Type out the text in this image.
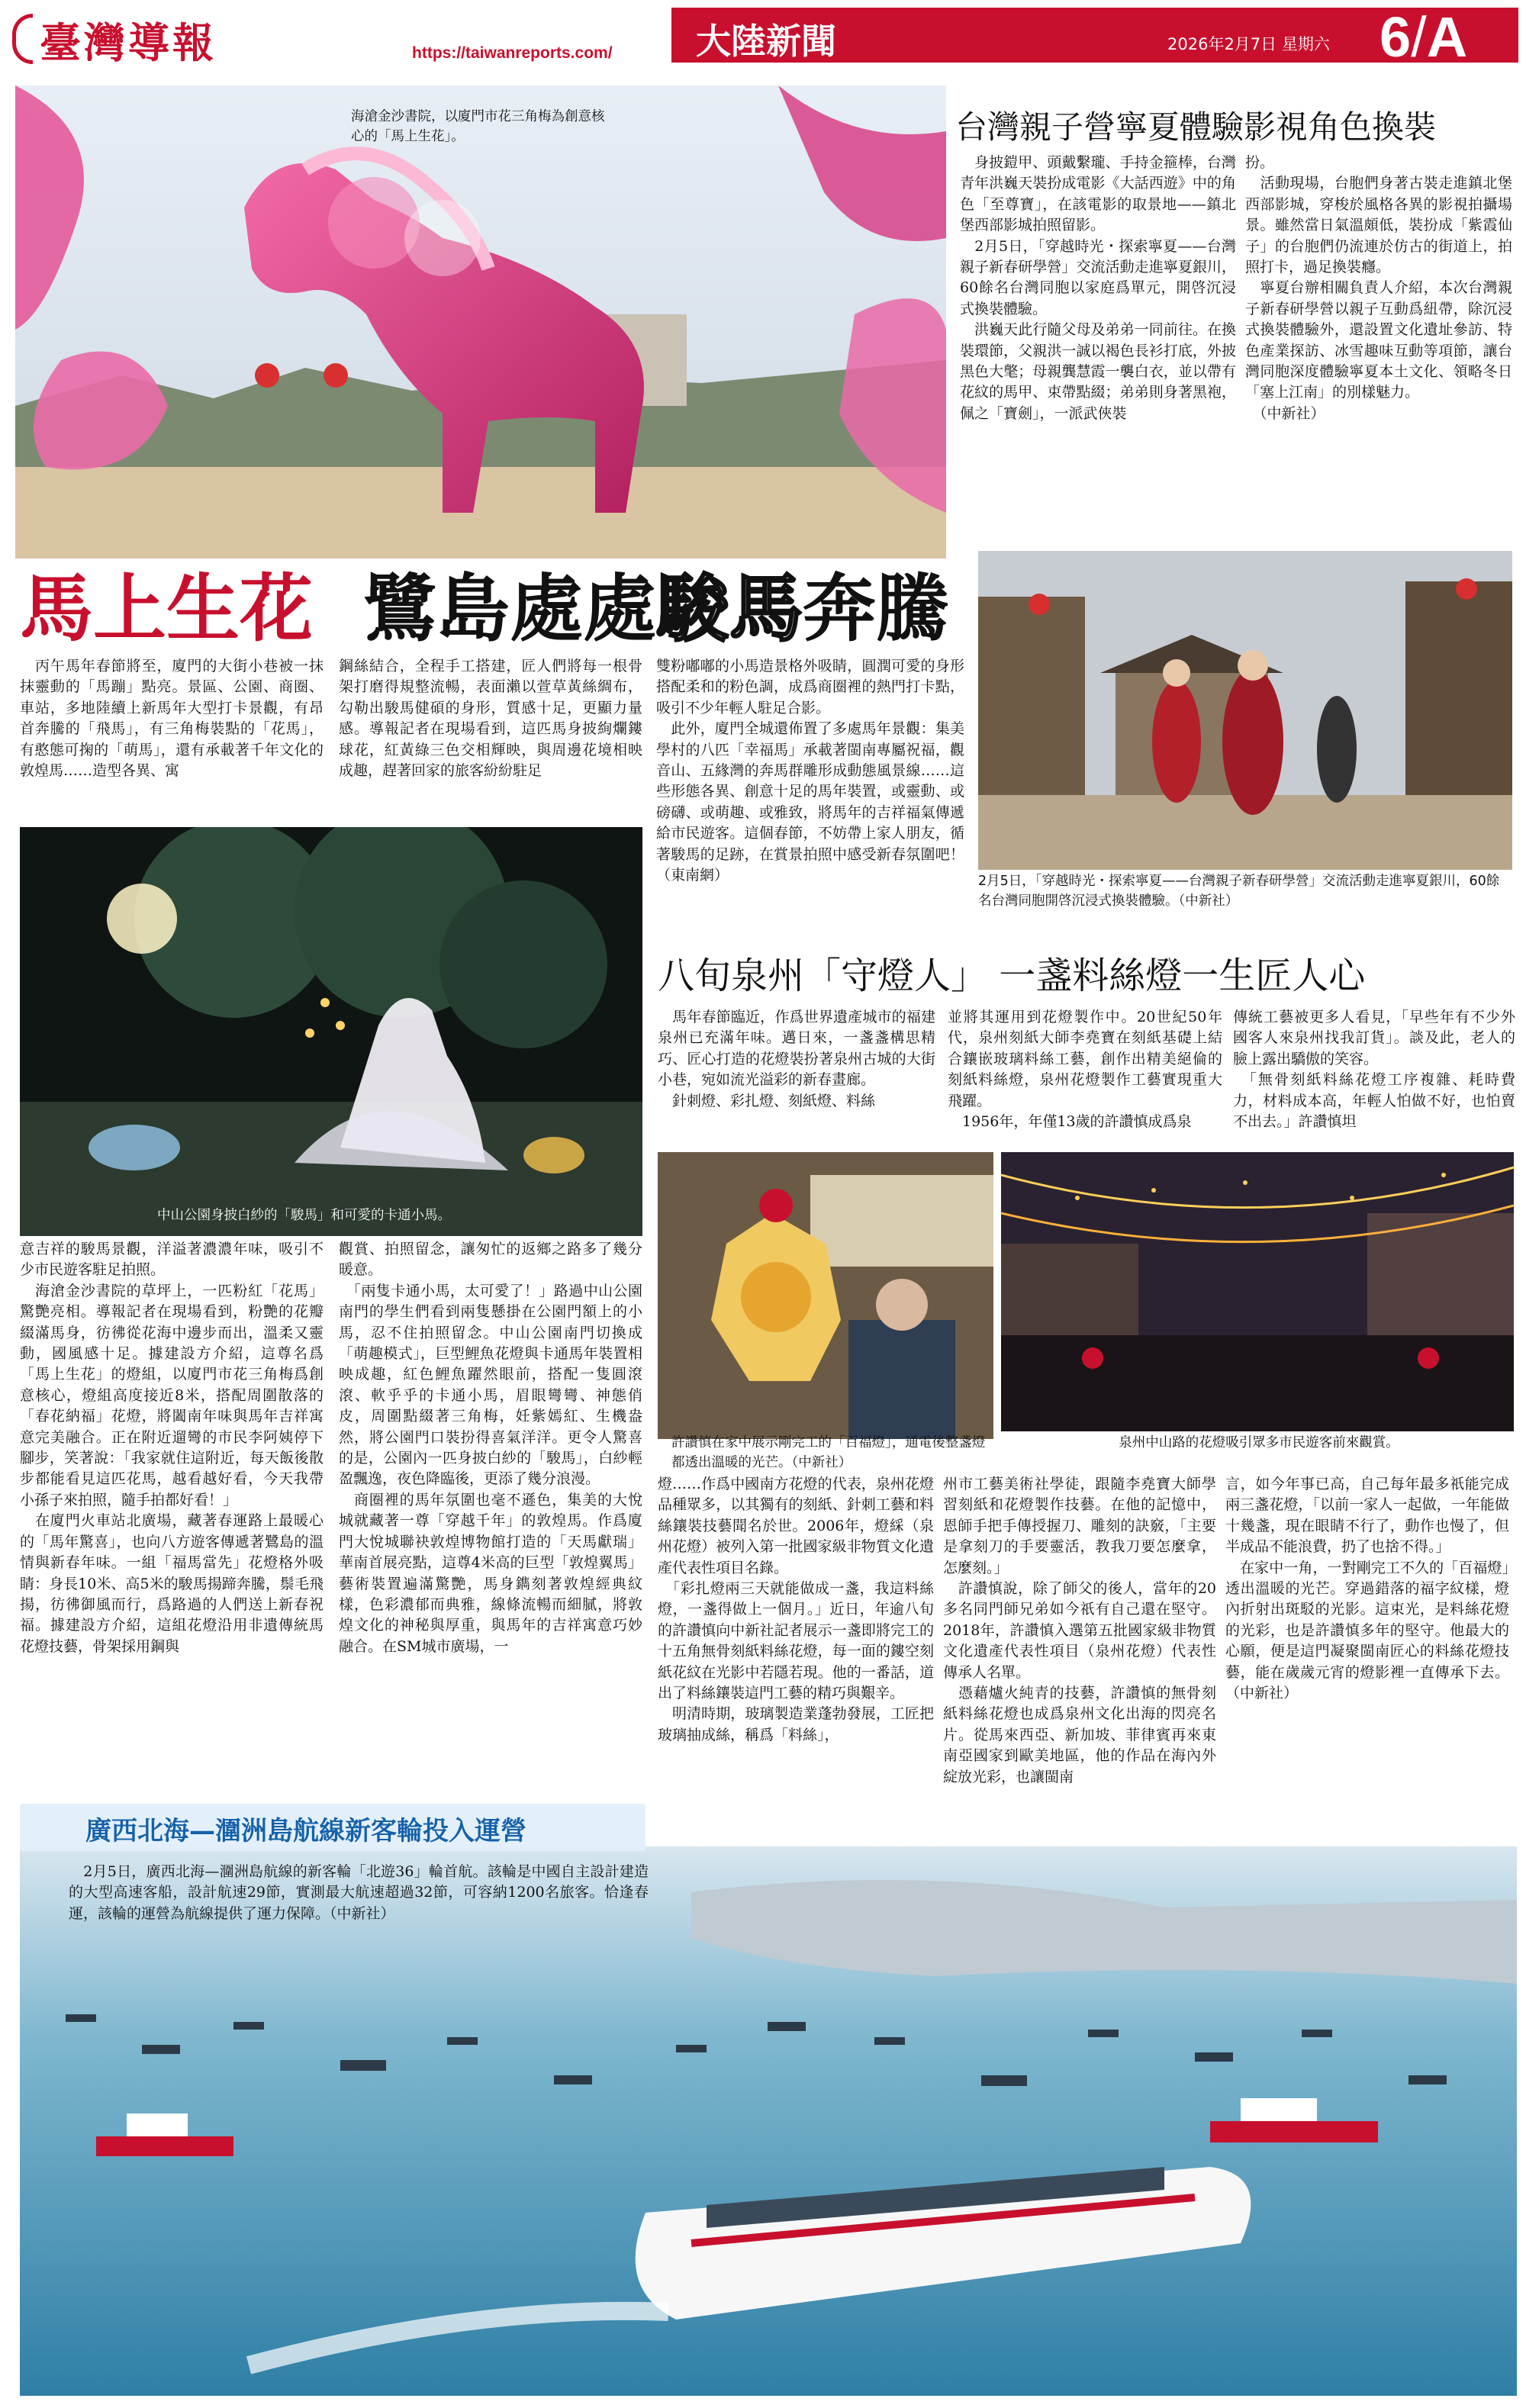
臺灣導報	https://taiwanreports.com/ 大陸新聞	2026年2月7日 星期六 6/A
海滄金沙書院，以廈門市花三角梅為創意核心的「馬上生花」。	台灣親子營寧夏體驗影視角色換裝
　身披鎧甲、頭戴繫瓏、手持金箍棒，台灣青年洪巍天裝扮成電影《大話西遊》中的角色「至尊寶」，在該電影的取景地——鎮北堡西部影城拍照留影。
　2月5日，「穿越時光・探索寧夏——台灣親子新春研學營」交流活動走進寧夏銀川，60餘名台灣同胞以家庭爲單元，開啓沉浸式換裝體驗。
　洪巍天此行隨父母及弟弟一同前往。在換裝環節，父親洪一誠以褐色長衫打底，外披黑色大氅；母親龔慧霞一襲白衣，並以帶有花紋的馬甲、束帶點綴；弟弟則身著黑袍，佩之「寶劍」，一派武俠裝
扮。
　活動現場，台胞們身著古裝走進鎮北堡西部影城，穿梭於風格各異的影視拍攝場景。雖然當日氣溫頗低，裝扮成「紫霞仙子」的台胞們仍流連於仿古的街道上，拍照打卡，過足換裝癮。
　寧夏台辦相關負責人介紹，本次台灣親子新春研學營以親子互動爲紐帶，除沉浸式換裝體驗外，還設置文化遺址參訪、特色產業探訪、冰雪趣味互動等項節，讓台灣同胞深度體驗寧夏本土文化、領略冬日「塞上江南」的別樣魅力。
　（中新社）
馬上生花 鷺島處處駿馬奔騰
　丙午馬年春節將至，廈門的大街小巷被一抹抹靈動的「馬蹦」點亮。景區、公園、商圈、車站，多地陸續上新馬年大型打卡景觀，有昂首奔騰的「飛馬」，有三角梅裝點的「花馬」，有憨態可掬的「萌馬」，還有承載著千年文化的敦煌馬……造型各異、寓
鋼絲結合，全程手工搭建，匠人們將每一根骨架打磨得規整流暢，表面瀨以萱草黃絲綢布，勾勒出駿馬健碩的身形，質感十足，更顯力量感。導報記者在現場看到，這匹馬身披絢爛鏤球花，紅黃綠三色交相輝映，與周邊花境相映成趣，趕著回家的旅客紛紛駐足
雙粉嘟嘟的小馬造景格外吸睛，圓潤可愛的身形搭配柔和的粉色調，成爲商圈裡的熱門打卡點，吸引不少年輕人駐足合影。
　此外，廈門全城還佈置了多處馬年景觀：集美學村的八匹「幸福馬」承載著閩南專屬祝福，觀音山、五緣灣的奔馬群雕形成動態風景線……這些形態各異、創意十足的馬年裝置，或靈動、或磅礴、或萌趣、或雅致，將馬年的吉祥福氣傳遞給市民遊客。這個春節，不妨帶上家人朋友，循著駿馬的足跡，在賞景拍照中感受新春氛圍吧！（東南網）	2月5日，「穿越時光・探索寧夏——台灣親子新春研學營」交流活動走進寧夏銀川，60餘名台灣同胞開啓沉浸式換裝體驗。（中新社）
中山公園身披白紗的「駿馬」和可愛的卡通小馬。
八旬泉州「守燈人」 一盞料絲燈一生匠人心
　馬年春節臨近，作爲世界遺產城市的福建泉州已充滿年味。邁日來，一盞盞構思精巧、匠心打造的花燈裝扮著泉州古城的大街小巷，宛如流光溢彩的新春畫廊。
　針刺燈、彩扎燈、刻紙燈、料絲
並將其運用到花燈製作中。20世紀50年代，泉州刻紙大師李堯寶在刻紙基礎上結合鑲嵌玻璃料絲工藝，創作出精美絕倫的刻紙料絲燈，泉州花燈製作工藝實現重大飛躍。
　1956年，年僅13歲的許讚慎成爲泉
傳統工藝被更多人看見，「早些年有不少外國客人來泉州找我訂貨」。談及此，老人的臉上露出驕傲的笑容。
　「無骨刻紙料絲花燈工序複雜、耗時費力，材料成本高，年輕人怕做不好，也怕賣不出去。」許讚慎坦
許讚慎在家中展示剛完工的「百福燈」，通電後整盞燈都透出溫暖的光芒。（中新社）
泉州中山路的花燈吸引眾多市民遊客前來觀賞。
意吉祥的駿馬景觀，洋溢著濃濃年味，吸引不少市民遊客駐足拍照。
　海滄金沙書院的草坪上，一匹粉紅「花馬」驚艷亮相。導報記者在現場看到，粉艷的花瓣綴滿馬身，彷彿從花海中邊步而出，溫柔又靈動，國風感十足。據建設方介紹，這尊名爲「馬上生花」的燈組，以廈門市花三角梅爲創意核心，燈組高度接近8米，搭配周圍散落的「春花納福」花燈，將闔南年味與馬年吉祥寓意完美融合。正在附近遛彎的市民李阿姨停下腳步，笑著說：「我家就住這附近，每天飯後散步都能看見這匹花馬，越看越好看，今天我帶小孫子來拍照，隨手拍都好看！」
　在廈門火車站北廣場，藏著春運路上最暖心的「馬年驚喜」，也向八方遊客傳遞著鷺島的溫情與新春年味。一組「福馬當先」花燈格外吸睛：身長10米、高5米的駿馬揚蹄奔騰，鬃毛飛揚，彷彿御風而行，爲路過的人們送上新春祝福。據建設方介紹，這組花燈沿用非遺傳統馬花燈技藝，骨架採用鋼與
觀賞、拍照留念，讓匆忙的返鄉之路多了幾分暖意。
　「兩隻卡通小馬，太可愛了！」路過中山公園南門的學生們看到兩隻懸掛在公園門額上的小馬，忍不住拍照留念。中山公園南門切換成「萌趣模式」，巨型鯉魚花燈與卡通馬年裝置相映成趣，紅色鯉魚躍然眼前，搭配一隻圓滾滾、軟乎乎的卡通小馬，眉眼彎彎、神態俏皮，周圍點綴著三角梅，妊紫嫣紅、生機盎然，將公園門口裝扮得喜氣洋洋。更令人驚喜的是，公園內一匹身披白紗的「駿馬」，白紗輕盈飄逸，夜色降臨後，更添了幾分浪漫。
　商圈裡的馬年氛圍也毫不遜色，集美的大悅城就藏著一尊「穿越千年」的敦煌馬。作爲廈門大悅城聯袂敦煌博物館打造的「天馬獻瑞」華南首展亮點，這尊4米高的巨型「敦煌翼馬」藝術裝置遍滿驚艷，馬身鐫刻著敦煌經典紋樣，色彩濃郁而典雅，線條流暢而細膩，將敦煌文化的神秘與厚重，與馬年的吉祥寓意巧妙融合。在SM城市廣場，一
燈……作爲中國南方花燈的代表，泉州花燈品種眾多，以其獨有的刻紙、針刺工藝和料絲鑲裝技藝聞名於世。2006年，燈綵（泉州花燈）被列入第一批國家級非物質文化遺產代表性項目名錄。
　「彩扎燈兩三天就能做成一盞，我這料絲燈，一盞得做上一個月。」近日，年逾八旬的許讚慎向中新社記者展示一盞即將完工的十五角無骨刻紙料絲花燈，每一面的鏤空刻紙花紋在光影中若隱若現。他的一番話，道出了料絲鑲裝這門工藝的精巧與艱辛。
　明清時期，玻璃製造業蓬勃發展，工匠把玻璃抽成絲，稱爲「料絲」，
州市工藝美術社學徒，跟隨李堯寶大師學習刻紙和花燈製作技藝。在他的記憶中，恩師手把手傳授握刀、雕刻的訣竅，「主要是拿刻刀的手要靈活，教我刀要怎麼拿，怎麼刻。」
　許讚慎說，除了師父的後人，當年的20多名同門師兄弟如今祇有自己還在堅守。2018年，許讚慎入選第五批國家級非物質文化遺產代表性項目（泉州花燈）代表性傳承人名單。
　憑藉爐火純青的技藝，許讚慎的無骨刻紙料絲花燈也成爲泉州文化出海的閃亮名片。從馬來西亞、新加坡、菲律賓再來東南亞國家到歐美地區，他的作品在海內外綻放光彩，也讓閩南
言，如今年事已高，自己每年最多祇能完成兩三盞花燈，「以前一家人一起做，一年能做十幾盞，現在眼睛不行了，動作也慢了，但半成品不能浪費，扔了也捨不得。」
　在家中一角，一對剛完工不久的「百福燈」透出溫暖的光芒。穿過錯落的福字紋樣，燈內折射出斑駁的光影。這束光，是料絲花燈的光彩，也是許讚慎多年的堅守。他最大的心願，便是這門凝聚閩南匠心的料絲花燈技藝，能在歲歲元宵的燈影裡一直傳承下去。（中新社）
廣西北海—潿洲島航線新客輪投入運營
　2月5日，廣西北海—潿洲島航線的新客輪「北遊36」輪首航。該輪是中國自主設計建造的大型高速客船，設計航速29節，實測最大航速超過32節，可容納1200名旅客。恰逢春運，該輪的運營為航線提供了運力保障。（中新社）
